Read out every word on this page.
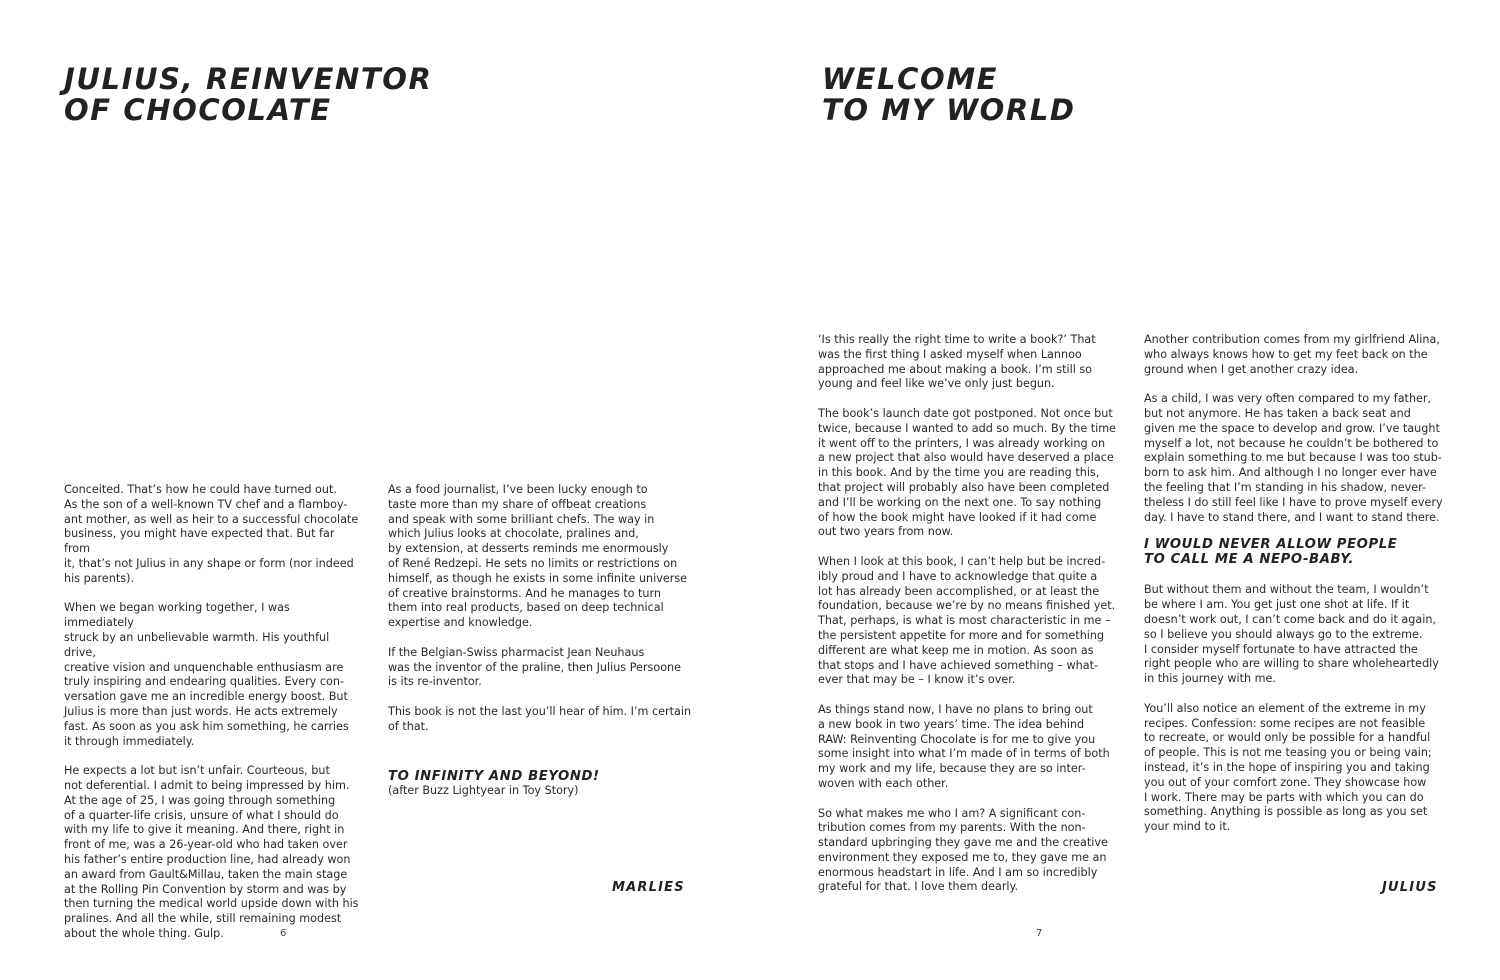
JULIUS, REINVENTOR
OF CHOCOLATE

Conceited. That’s how he could have turned out.
As the son of a well-known TV chef and a flamboy-
ant mother, as well as heir to a successful chocolate
business, you might have expected that. But far from
it, that’s not Julius in any shape or form (nor indeed
his parents).

When we began working together, I was immediately
struck by an unbelievable warmth. His youthful drive,
creative vision and unquenchable enthusiasm are
truly inspiring and endearing qualities. Every con-
versation gave me an incredible energy boost. But
Julius is more than just words. He acts extremely
fast. As soon as you ask him something, he carries
it through immediately.

He expects a lot but isn’t unfair. Courteous, but
not deferential. I admit to being impressed by him.
At the age of 25, I was going through something
of a quarter-life crisis, unsure of what I should do
with my life to give it meaning. And there, right in
front of me, was a 26-year-old who had taken over
his father’s entire production line, had already won
an award from Gault&Millau, taken the main stage
at the Rolling Pin Convention by storm and was by
then turning the medical world upside down with his
pralines. And all the while, still remaining modest
about the whole thing. Gulp.

As a food journalist, I’ve been lucky enough to
taste more than my share of offbeat creations
and speak with some brilliant chefs. The way in
which Julius looks at chocolate, pralines and,
by extension, at desserts reminds me enormously
of René Redzepi. He sets no limits or restrictions on
himself, as though he exists in some infinite universe
of creative brainstorms. And he manages to turn
them into real products, based on deep technical
expertise and knowledge.

If the Belgian-Swiss pharmacist Jean Neuhaus
was the inventor of the praline, then Julius Persoone
is its re-inventor.

This book is not the last you’ll hear of him. I’m certain
of that.

TO INFINITY AND BEYOND!

(after Buzz Lightyear in Toy Story)

MARLIES
6
WELCOME
TO MY WORLD

‘Is this really the right time to write a book?’ That
was the first thing I asked myself when Lannoo
approached me about making a book. I’m still so
young and feel like we’ve only just begun.

The book’s launch date got postponed. Not once but
twice, because I wanted to add so much. By the time
it went off to the printers, I was already working on
a new project that also would have deserved a place
in this book. And by the time you are reading this,
that project will probably also have been completed
and I’ll be working on the next one. To say nothing
of how the book might have looked if it had come
out two years from now.

When I look at this book, I can’t help but be incred-
ibly proud and I have to acknowledge that quite a
lot has already been accomplished, or at least the
foundation, because we’re by no means finished yet.
That, perhaps, is what is most characteristic in me –
the persistent appetite for more and for something
different are what keep me in motion. As soon as
that stops and I have achieved something – what-
ever that may be – I know it’s over.

As things stand now, I have no plans to bring out
a new book in two years’ time. The idea behind
RAW: Reinventing Chocolate is for me to give you
some insight into what I’m made of in terms of both
my work and my life, because they are so inter-
woven with each other.

So what makes me who I am? A significant con-
tribution comes from my parents. With the non-
standard upbringing they gave me and the creative
environment they exposed me to, they gave me an
enormous headstart in life. And I am so incredibly
grateful for that. I love them dearly.

Another contribution comes from my girlfriend Alina,
who always knows how to get my feet back on the
ground when I get another crazy idea.

As a child, I was very often compared to my father,
but not anymore. He has taken a back seat and
given me the space to develop and grow. I’ve taught
myself a lot, not because he couldn’t be bothered to
explain something to me but because I was too stub-
born to ask him. And although I no longer ever have
the feeling that I’m standing in his shadow, never-
theless I do still feel like I have to prove myself every
day. I have to stand there, and I want to stand there.

I WOULD NEVER ALLOW PEOPLE
TO CALL ME A NEPO-BABY.

But without them and without the team, I wouldn’t
be where I am. You get just one shot at life. If it
doesn’t work out, I can’t come back and do it again,
so I believe you should always go to the extreme.
I consider myself fortunate to have attracted the
right people who are willing to share wholeheartedly
in this journey with me.

You’ll also notice an element of the extreme in my
recipes. Confession: some recipes are not feasible
to recreate, or would only be possible for a handful
of people. This is not me teasing you or being vain;
instead, it’s in the hope of inspiring you and taking
you out of your comfort zone. They showcase how
I work. There may be parts with which you can do
something. Anything is possible as long as you set
your mind to it.

JULIUS
7
